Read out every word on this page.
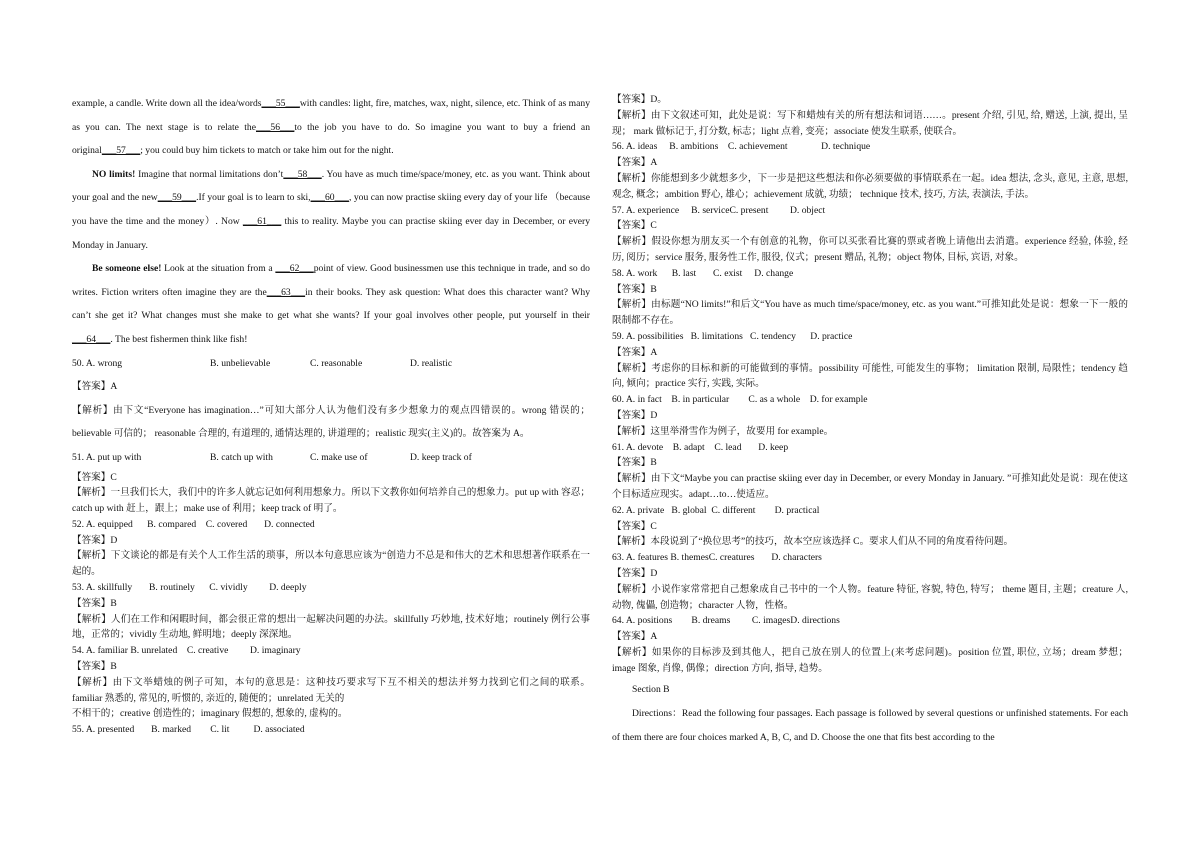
example, a candle. Write down all the idea/words___55___with candles: light, fire, matches, wax, night, silence, etc. Think of as many as you can. The next stage is to relate the___56___to the job you have to do. So imagine you want to buy a friend an original___57___; you could buy him tickets to match or take him out for the night.

NO limits! Imagine that normal limitations don’t___58___. You have as much time/space/money, etc. as you want. Think about your goal and the new___59___.If your goal is to learn to ski,___60___, you can now practise skiing every day of your life （because you have the time and the money）. Now ___61___ this to reality. Maybe you can practise skiing ever day in December, or every Monday in January.

Be someone else! Look at the situation from a ___62___point of view. Good businessmen use this technique in trade, and so do writes. Fiction writers often imagine they are the___63___in their books. They ask question: What does this character want? Why can’t she get it? What changes must she make to get what she wants? If your goal involves other people, put yourself in their ___64___. The best fishermen think like fish!

50. A. wrong	B. unbelievable	C. reasonable	D. realistic

【答案】A

【解析】由下文“Everyone has imagination…”可知大部分人认为他们没有多少想象力的观点四错误的。wrong 错误的；believable 可信的； reasonable 合理的, 有道理的, 通情达理的, 讲道理的；realistic 现实(主义)的。故答案为 A。

51. A. put up with	B. catch up with	C. make use of	D. keep track of

【答案】C

【解析】一旦我们长大，我们中的许多人就忘记如何利用想象力。所以下文教你如何培养自己的想象力。put up with 容忍；catch up with 赶上，跟上；make use of 利用；keep track of 明了。

52. A. equipped      B. compared    C. covered       D. connected

【答案】D

【解析】下文谈论的都是有关个人工作生活的琐事，所以本句意思应该为“创造力不总是和伟大的艺术和思想著作联系在一起的。

53. A. skillfully       B. routinely      C. vividly         D. deeply

【答案】B

【解析】人们在工作和闲暇时间，都会很正常的想出一起解决问题的办法。skillfully 巧妙地, 技术好地；routinely 例行公事地，正常的；vividly 生动地, 鲜明地；deeply 深深地。

54. A. familiar B. unrelated    C. creative         D. imaginary

【答案】B

【解析】由下文举蜡烛的例子可知，本句的意思是：这种技巧要求写下互不相关的想法并努力找到它们之间的联系。familiar 熟悉的, 常见的, 听惯的, 亲近的, 随便的；unrelated 无关的

不相干的；creative 创造性的；imaginary 假想的, 想象的, 虚构的。

55. A. presented       B. marked        C. lit          D. associated

【答案】D。

【解析】由下文叙述可知，此处是说：写下和蜡烛有关的所有想法和词语……。present 介绍, 引见, 给, 赠送, 上演, 提出, 呈现； mark 做标记于, 打分数, 标志；light 点着, 变亮；associate 使发生联系, 使联合。

56. A. ideas     B. ambitions    C. achievement              D. technique

【答案】A

【解析】你能想到多少就想多少，下一步是把这些想法和你必须要做的事情联系在一起。idea 想法, 念头, 意见, 主意, 思想, 观念, 概念；ambition 野心, 雄心；achievement 成就, 功绩； technique 技术, 技巧, 方法, 表演法, 手法。

57. A. experience     B. serviceC. present         D. object

【答案】C

【解析】假设你想为朋友买一个有创意的礼物，你可以买张看比赛的票或者晚上请他出去消遣。experience 经验, 体验, 经历, 阅历；service 服务, 服务性工作, 服役, 仪式；present 赠品, 礼物；object 物体, 目标, 宾语, 对象。

58. A. work      B. last       C. exist     D. change

【答案】B

【解析】由标题“NO limits!”和后文“You have as much time/space/money, etc. as you want.”可推知此处是说：想象一下一般的限制都不存在。

59. A. possibilities   B. limitations   C. tendency      D. practice

【答案】A

【解析】考虑你的目标和新的可能做到的事情。possibility 可能性, 可能发生的事物； limitation 限制, 局限性；tendency 趋向, 倾向；practice 实行, 实践, 实际。

60. A. in fact    B. in particular        C. as a whole    D. for example

【答案】D

【解析】这里举滑雪作为例子，故要用 for example。

61. A. devote    B. adapt    C. lead       D. keep

【答案】B

【解析】由下文“Maybe you can practise skiing ever day in December, or every Monday in January. ”可推知此处是说：现在使这个目标适应现实。adapt…to…使适应。

62. A. private   B. global  C. different        D. practical

【答案】C

【解析】本段说到了“换位思考”的技巧，故本空应该选择 C。要求人们从不同的角度看待问题。

63. A. features B. themesC. creatures       D. characters

【答案】D

【解析】小说作家常常把自己想象成自己书中的一个人物。feature 特征, 容貌, 特色, 特写； theme 题目, 主题；creature 人, 动物, 傀儡, 创造物；character 人物，性格。

64. A. positions        B. dreams         C. imagesD. directions

【答案】A

【解析】如果你的目标涉及到其他人，把自己放在别人的位置上(来考虑问题)。position 位置, 职位, 立场；dream 梦想； image 图象, 肖像, 偶像；direction 方向, 指导, 趋势。

Section B

Directions：Read the following four passages. Each passage is followed by several questions or unfinished statements. For each of them there are four choices marked A, B, C, and D. Choose the one that fits best according to the
